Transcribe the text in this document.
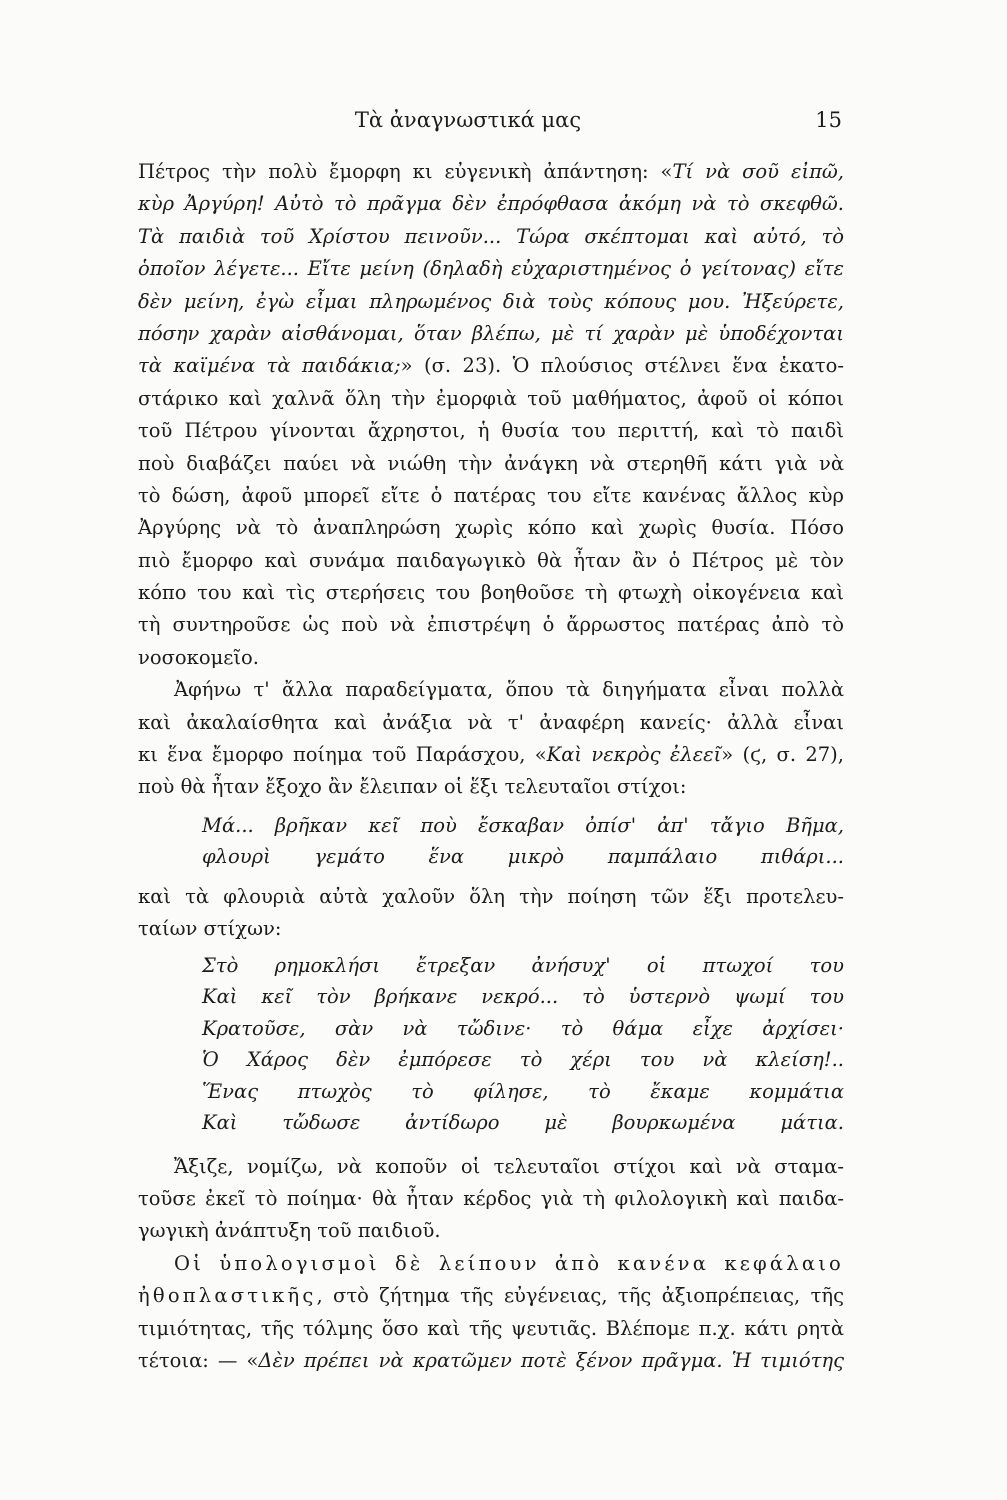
Τὰ ἀναγνωστικά μας	15
Πέτρος τὴν πολὺ ἔμορφη κι εὐγενικὴ ἀπάντηση: «Τί νὰ σοῦ εἰπῶ,
κὺρ Ἀργύρη! Αὐτὸ τὸ πρᾶγμα δὲν ἐπρόφθασα ἀκόμη νὰ τὸ σκεφθῶ.
Τὰ παιδιὰ τοῦ Χρίστου πεινοῦν... Τώρα σκέπτομαι καὶ αὐτό, τὸ
ὁποῖον λέγετε... Εἴτε μείνη (δηλαδὴ εὐχαριστημένος ὁ γείτονας) εἴτε
δὲν μείνη, ἐγὼ εἶμαι πληρωμένος διὰ τοὺς κόπους μου. Ἠξεύρετε,
πόσην χαρὰν αἰσθάνομαι, ὅταν βλέπω, μὲ τί χαρὰν μὲ ὑποδέχονται
τὰ καϊμένα τὰ παιδάκια;» (σ. 23). Ὁ πλούσιος στέλνει ἕνα ἑκατο-
στάρικο καὶ χαλνᾶ ὅλη τὴν ἐμορφιὰ τοῦ μαθήματος, ἀφοῦ οἱ κόποι
τοῦ Πέτρου γίνονται ἄχρηστοι, ἡ θυσία του περιττή, καὶ τὸ παιδὶ
ποὺ διαβάζει παύει νὰ νιώθη τὴν ἀνάγκη νὰ στερηθῆ κάτι γιὰ νὰ
τὸ δώση, ἀφοῦ μπορεῖ εἴτε ὁ πατέρας του εἴτε κανένας ἄλλος κὺρ
Ἀργύρης νὰ τὸ ἀναπληρώση χωρὶς κόπο καὶ χωρὶς θυσία. Πόσο
πιὸ ἔμορφο καὶ συνάμα παιδαγωγικὸ θὰ ἦταν ἂν ὁ Πέτρος μὲ τὸν
κόπο του καὶ τὶς στερήσεις του βοηθοῦσε τὴ φτωχὴ οἰκογένεια καὶ
τὴ συντηροῦσε ὡς ποὺ νὰ ἐπιστρέψη ὁ ἄρρωστος πατέρας ἀπὸ τὸ
νοσοκομεῖο.
Ἀφήνω τ' ἄλλα παραδείγματα, ὅπου τὰ διηγήματα εἶναι πολλὰ
καὶ ἀκαλαίσθητα καὶ ἀνάξια νὰ τ' ἀναφέρη κανείς· ἀλλὰ εἶναι
κι ἕνα ἔμορφο ποίημα τοῦ Παράσχου, «Καὶ νεκρὸς ἐλεεῖ» (ϛ, σ. 27),
ποὺ θὰ ἦταν ἔξοχο ἂν ἔλειπαν οἱ ἕξι τελευταῖοι στίχοι:
Μά... βρῆκαν κεῖ ποὺ ἔσκαβαν ὀπίσ' ἀπ' τἄγιο Βῆμα,
φλουρὶ γεμάτο ἕνα μικρὸ παμπάλαιο πιθάρι...
καὶ τὰ φλουριὰ αὐτὰ χαλοῦν ὅλη τὴν ποίηση τῶν ἕξι προτελευ-
ταίων στίχων:
Στὸ ρημοκλήσι ἔτρεξαν ἀνήσυχ' οἱ πτωχοί του
Καὶ κεῖ τὸν βρήκανε νεκρό... τὸ ὑστερνὸ ψωμί του
Κρατοῦσε, σὰν νὰ τὤδινε· τὸ θάμα εἶχε ἀρχίσει·
Ὁ Χάρος δὲν ἐμπόρεσε τὸ χέρι του νὰ κλείση!..
Ἕνας πτωχὸς τὸ φίλησε, τὸ ἔκαμε κομμάτια
Καὶ τὤδωσε ἀντίδωρο μὲ βουρκωμένα μάτια.
Ἄξιζε, νομίζω, νὰ κοποῦν οἱ τελευταῖοι στίχοι καὶ νὰ σταμα-
τοῦσε ἐκεῖ τὸ ποίημα· θὰ ἦταν κέρδος γιὰ τὴ φιλολογικὴ καὶ παιδα-
γωγικὴ ἀνάπτυξη τοῦ παιδιοῦ.
Οἱ ὑπολογισμοὶ δὲ λείπουν ἀπὸ κανένα κεφάλαιο
ἠθοπλαστικῆς, στὸ ζήτημα τῆς εὐγένειας, τῆς ἀξιοπρέπειας, τῆς
τιμιότητας, τῆς τόλμης ὅσο καὶ τῆς ψευτιᾶς. Βλέπομε π.χ. κάτι ρητὰ
τέτοια: — «Δὲν πρέπει νὰ κρατῶμεν ποτὲ ξένον πρᾶγμα. Ἡ τιμιότης
